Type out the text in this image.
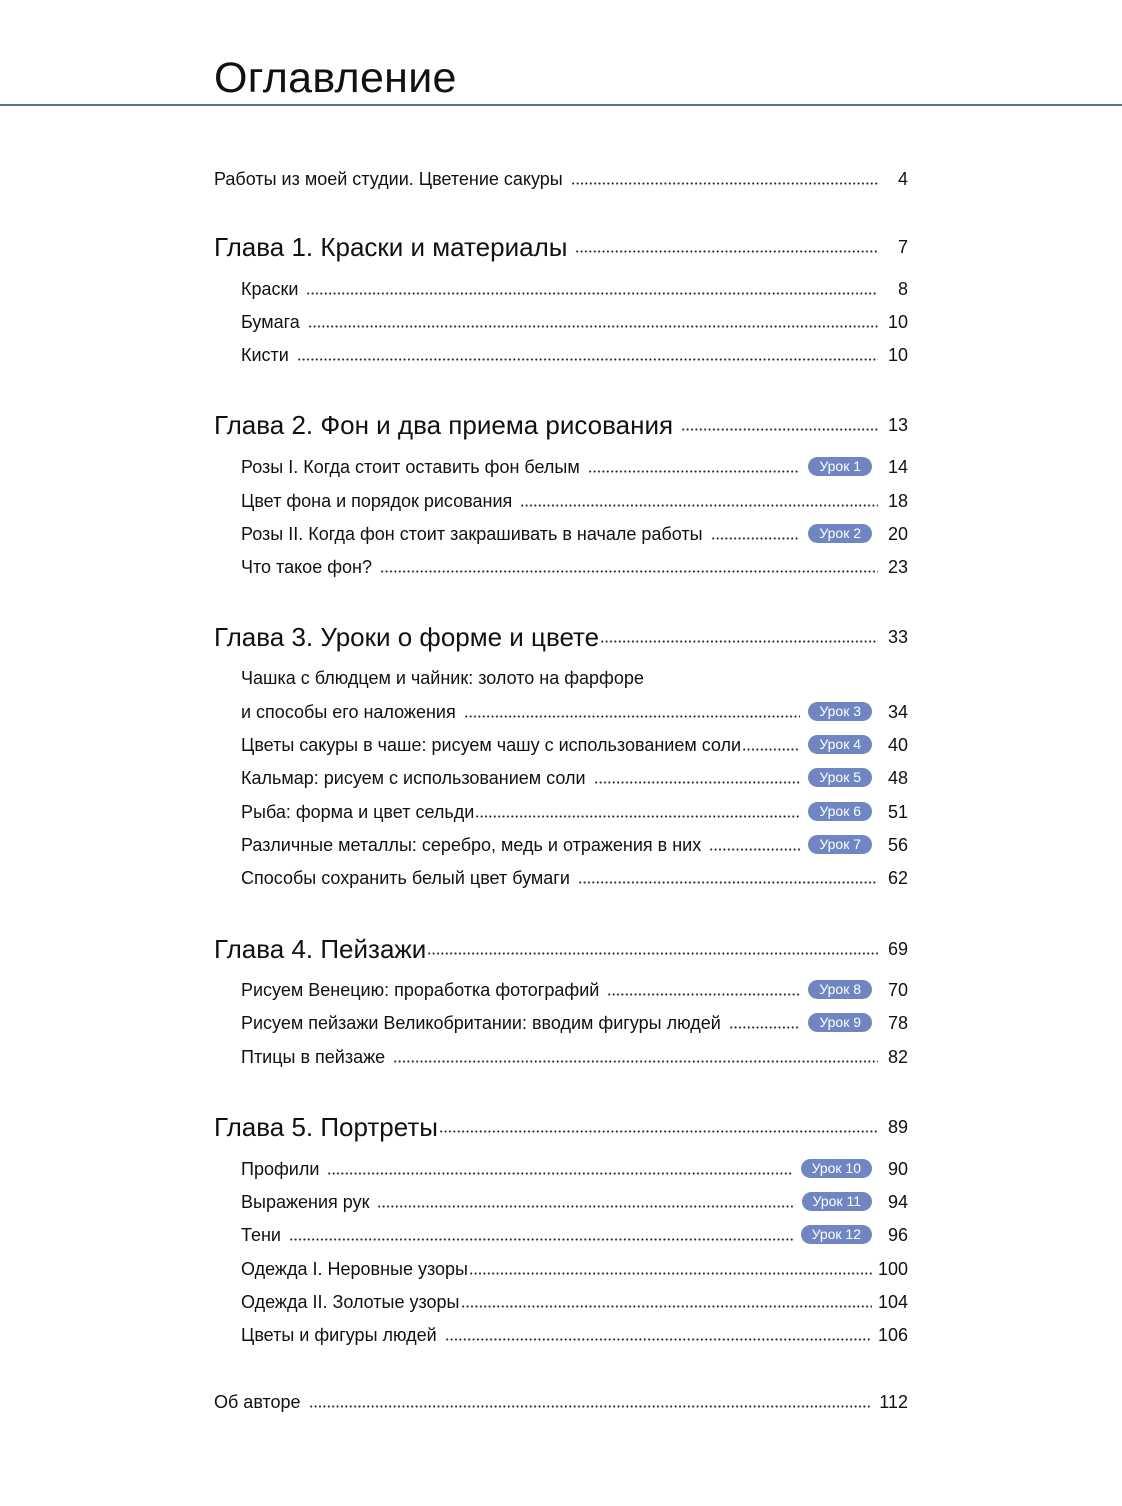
Оглавление
Работы из моей студии. Цветение сакуры	4
Глава 1. Краски и материалы	7
Краски	8
Бумага	10
Кисти	10
Глава 2. Фон и два приема рисования	13
Розы I. Когда стоит оставить фон белым	Урок 1	14
Цвет фона и порядок рисования	18
Розы II. Когда фон стоит закрашивать в начале работы	Урок 2	20
Что такое фон?	23
Глава 3. Уроки о форме и цвете	33
Чашка с блюдцем и чайник: золото на фарфоре
и способы его наложения	Урок 3	34
Цветы сакуры в чаше: рисуем чашу с использованием соли	Урок 4	40
Кальмар: рисуем с использованием соли	Урок 5	48
Рыба: форма и цвет сельди	Урок 6	51
Различные металлы: серебро, медь и отражения в них	Урок 7	56
Способы сохранить белый цвет бумаги	62
Глава 4. Пейзажи	69
Рисуем Венецию: проработка фотографий	Урок 8	70
Рисуем пейзажи Великобритании: вводим фигуры людей	Урок 9	78
Птицы в пейзаже	82
Глава 5. Портреты	89
Профили	Урок 10	90
Выражения рук	Урок 11	94
Тени	Урок 12	96
Одежда I. Неровные узоры	100
Одежда II. Золотые узоры	104
Цветы и фигуры людей	106
Об авторе	112
